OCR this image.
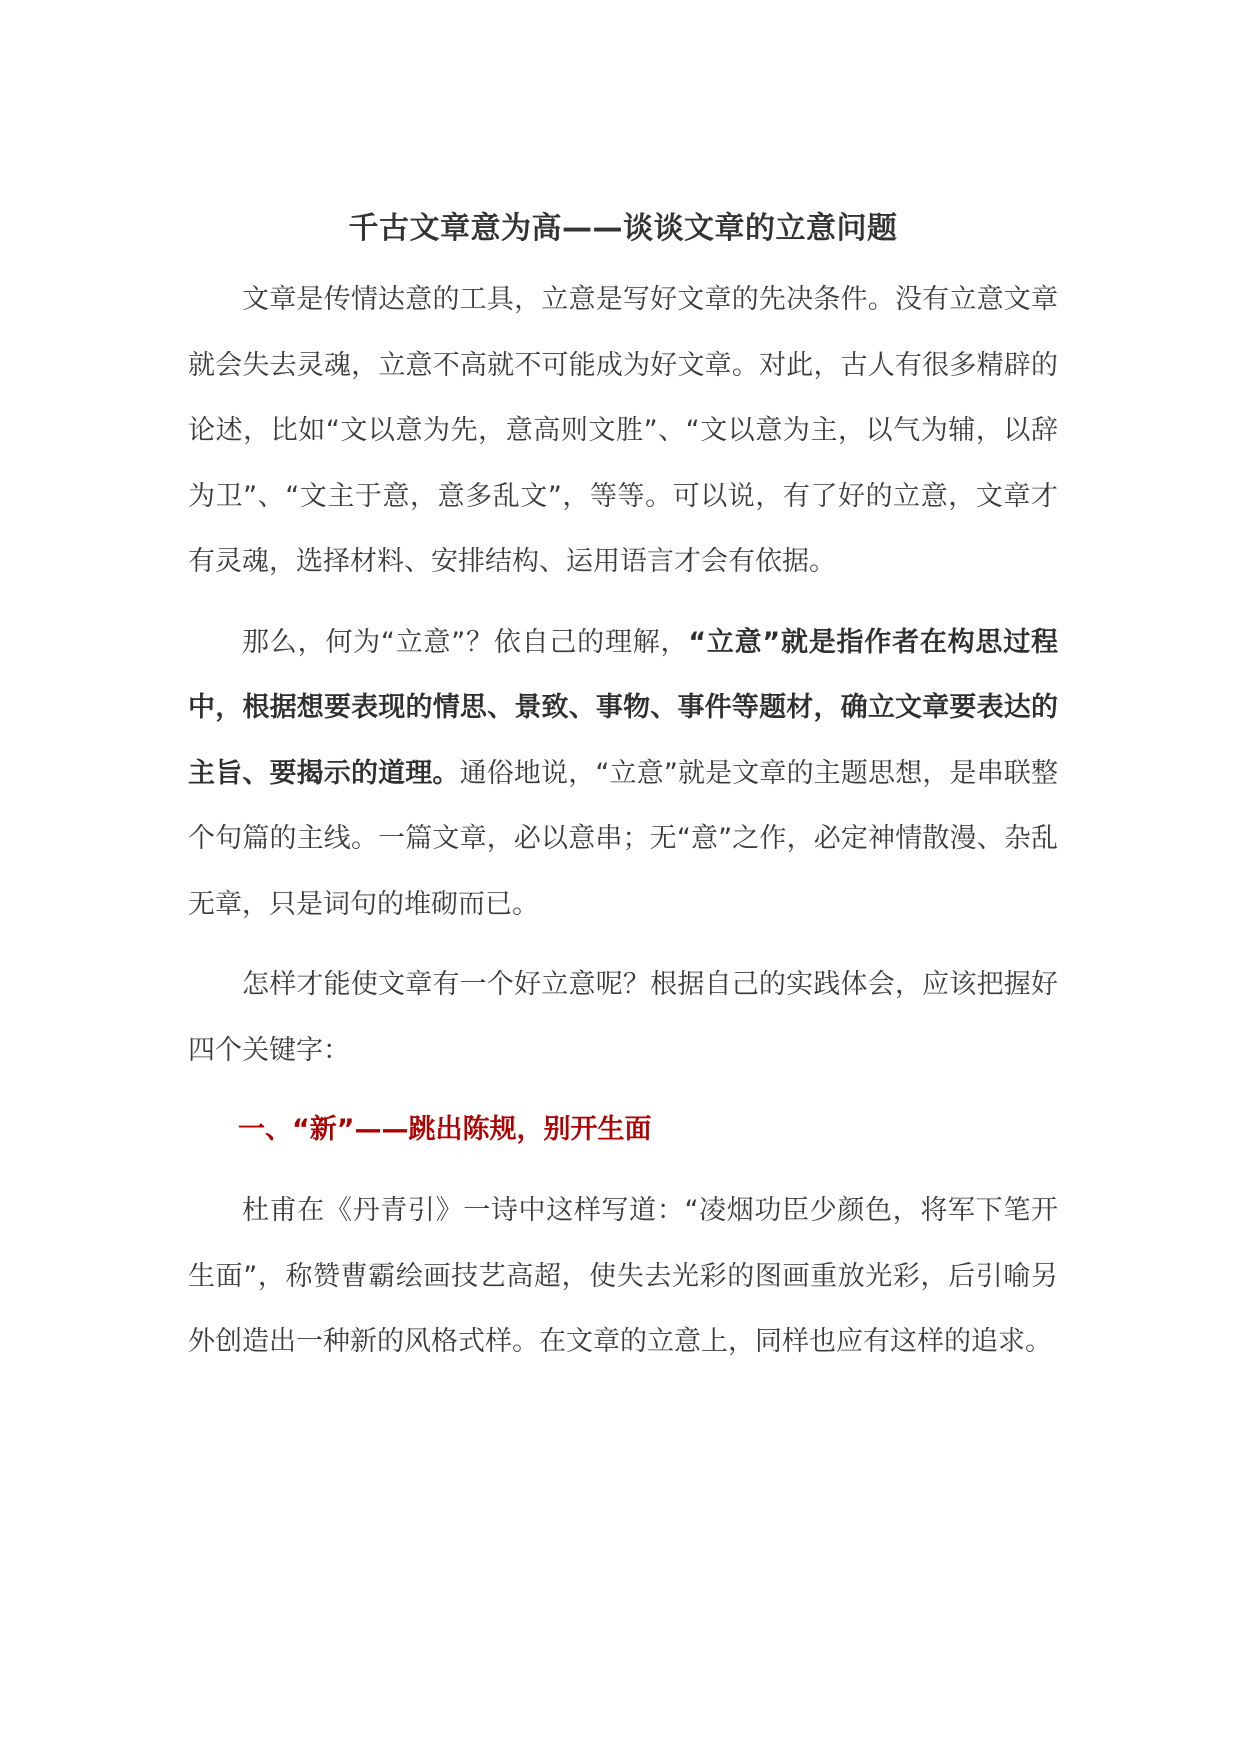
千古文章意为高——谈谈文章的立意问题

文章是传情达意的工具，立意是写好文章的先决条件。没有立意文章就会失去灵魂，立意不高就不可能成为好文章。对此，古人有很多精辟的论述，比如“文以意为先，意高则文胜”、“文以意为主，以气为辅，以辞为卫”、“文主于意，意多乱文”，等等。可以说，有了好的立意，文章才有灵魂，选择材料、安排结构、运用语言才会有依据。

那么，何为“立意”？依自己的理解，“立意”就是指作者在构思过程中，根据想要表现的情思、景致、事物、事件等题材，确立文章要表达的主旨、要揭示的道理。通俗地说，“立意”就是文章的主题思想，是串联整个句篇的主线。一篇文章，必以意串；无“意”之作，必定神情散漫、杂乱无章，只是词句的堆砌而已。

怎样才能使文章有一个好立意呢？根据自己的实践体会，应该把握好四个关键字：

一、“新”——跳出陈规，别开生面

杜甫在《丹青引》一诗中这样写道：“凌烟功臣少颜色，将军下笔开生面”，称赞曹霸绘画技艺高超，使失去光彩的图画重放光彩，后引喻另外创造出一种新的风格式样。在文章的立意上，同样也应有这样的追求。
